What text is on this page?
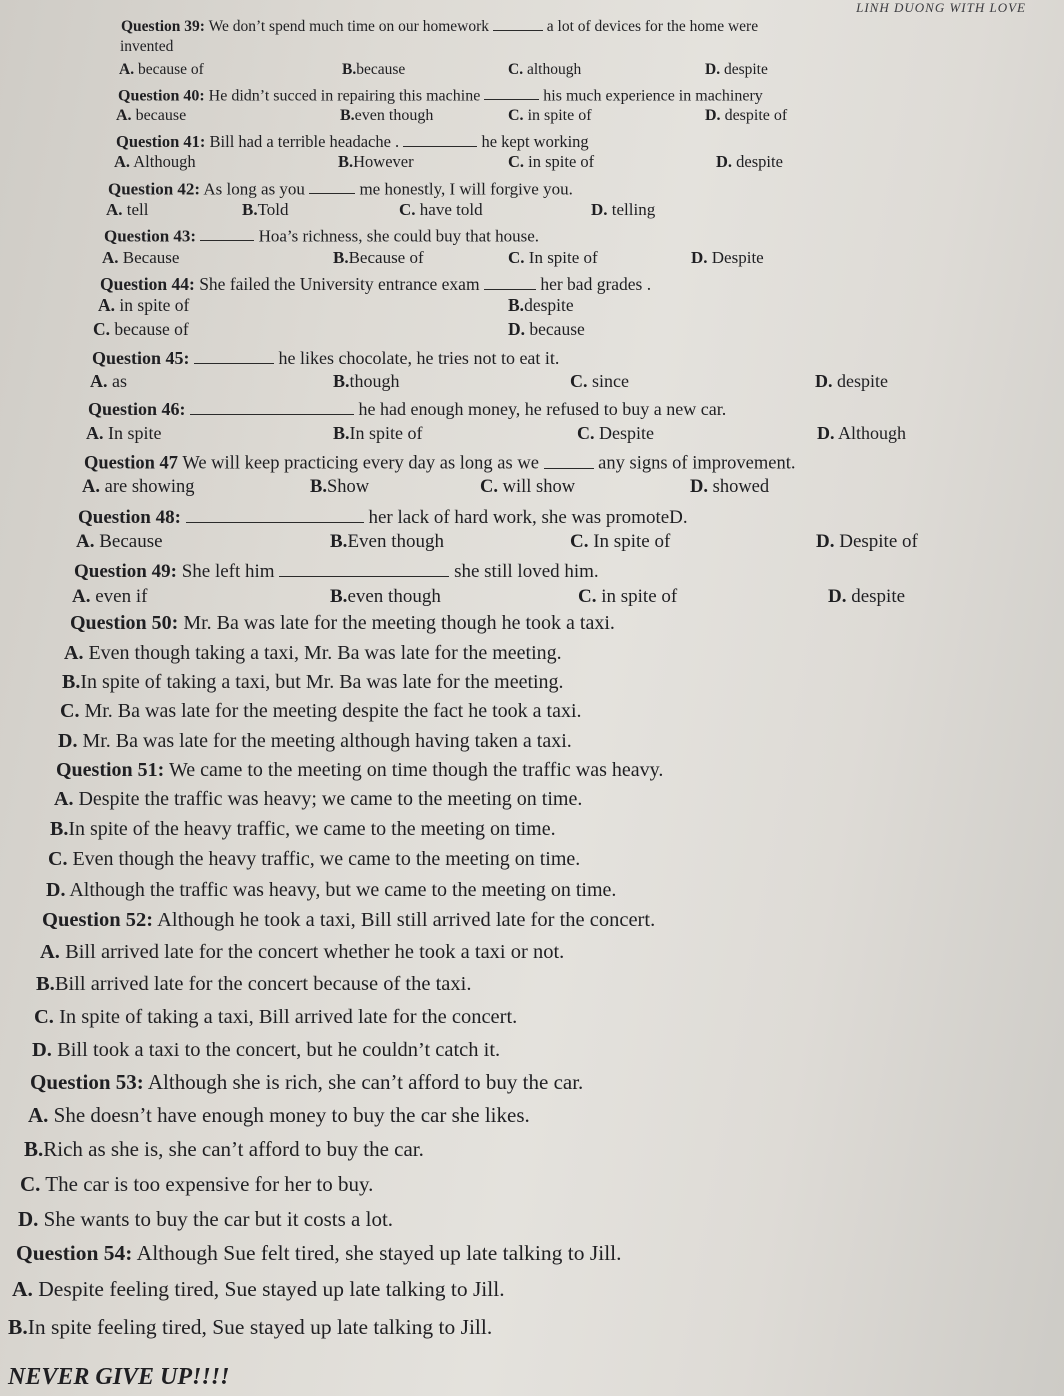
LINH DUONG WITH LOVE
Question 39: We don’t spend much time on our homework	a lot of devices for the home were
invented
A. because of	B.because	C. although	D. despite
Question 40: He didn’t succed in repairing this machine	his much experience in machinery
A. because	B.even though	C. in spite of	D. despite of
Question 41: Bill had a terrible headache .	he kept working
A. Although	B.However	C. in spite of	D. despite
Question 42: As long as you	me honestly, I will forgive you.
A. tell	B.Told	C. have told	D. telling
Question 43:	Hoa’s richness, she could buy that house.
A. Because	B.Because of	C. In spite of	D. Despite
Question 44: She failed the University entrance exam	her bad grades .
A. in spite of	B.despite
C. because of	D. because
Question 45:	he likes chocolate, he tries not to eat it.
A. as	B.though	C. since	D. despite
Question 46:	he had enough money, he refused to buy a new car.
A. In spite	B.In spite of	C. Despite	D. Although
Question 47 We will keep practicing every day as long as we	any signs of improvement.
A. are showing	B.Show	C. will show	D. showed
Question 48:	her lack of hard work, she was promoteD.
A. Because	B.Even though	C. In spite of	D. Despite of
Question 49: She left him	she still loved him.
A. even if	B.even though	C. in spite of	D. despite
Question 50: Mr. Ba was late for the meeting though he took a taxi.
A. Even though taking a taxi, Mr. Ba was late for the meeting.
B.In spite of taking a taxi, but Mr. Ba was late for the meeting.
C. Mr. Ba was late for the meeting despite the fact he took a taxi.
D. Mr. Ba was late for the meeting although having taken a taxi.
Question 51: We came to the meeting on time though the traffic was heavy.
A. Despite the traffic was heavy; we came to the meeting on time.
B.In spite of the heavy traffic, we came to the meeting on time.
C. Even though the heavy traffic, we came to the meeting on time.
D. Although the traffic was heavy, but we came to the meeting on time.
Question 52: Although he took a taxi, Bill still arrived late for the concert.
A. Bill arrived late for the concert whether he took a taxi or not.
B.Bill arrived late for the concert because of the taxi.
C. In spite of taking a taxi, Bill arrived late for the concert.
D. Bill took a taxi to the concert, but he couldn’t catch it.
Question 53: Although she is rich, she can’t afford to buy the car.
A. She doesn’t have enough money to buy the car she likes.
B.Rich as she is, she can’t afford to buy the car.
C. The car is too expensive for her to buy.
D. She wants to buy the car but it costs a lot.
Question 54: Although Sue felt tired, she stayed up late talking to Jill.
A. Despite feeling tired, Sue stayed up late talking to Jill.
B.In spite feeling tired, Sue stayed up late talking to Jill.
NEVER GIVE UP!!!!
